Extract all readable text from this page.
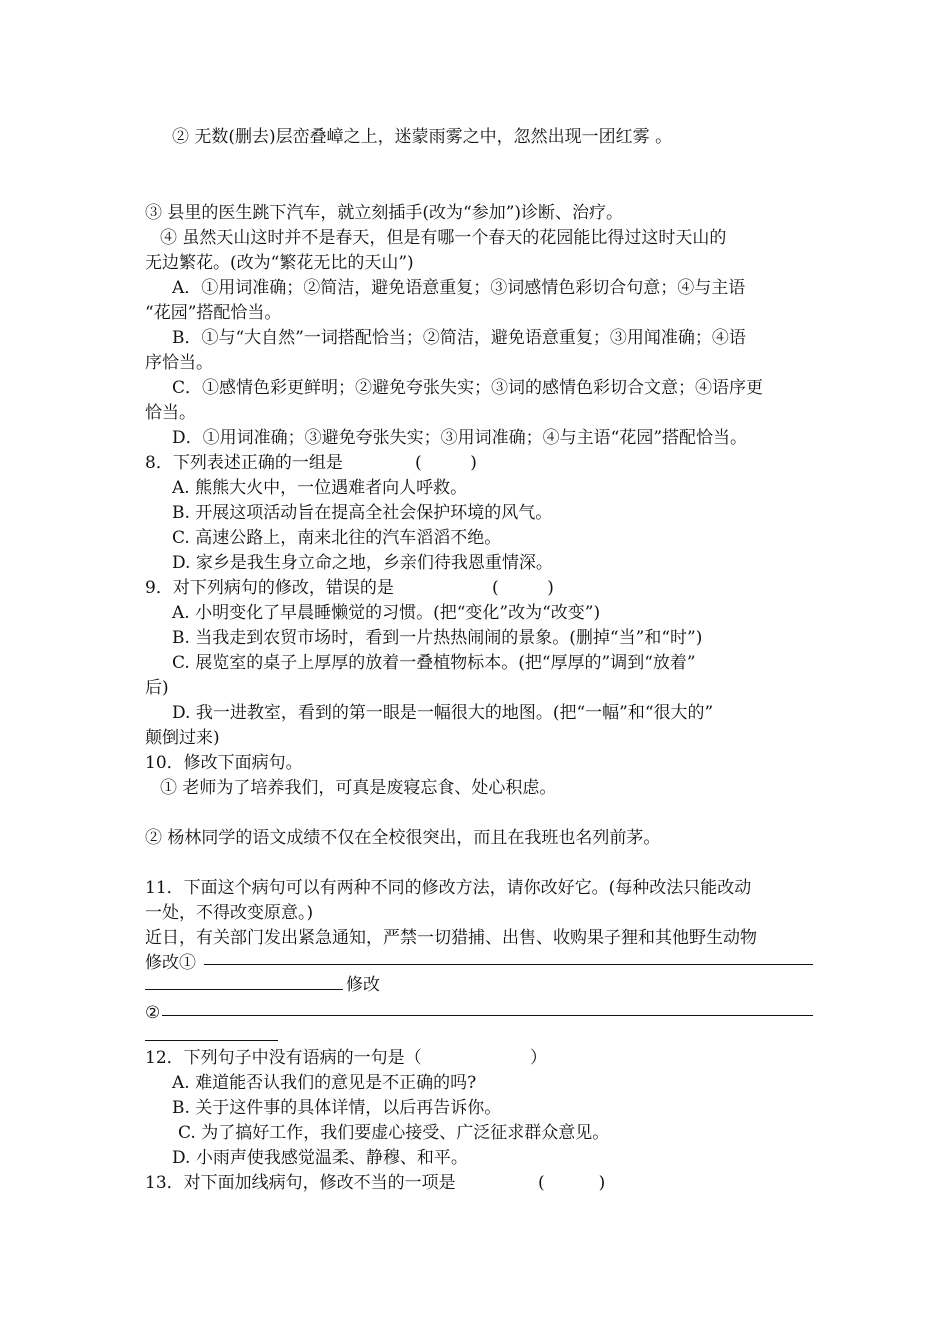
② 无数(删去)层峦叠嶂之上，迷蒙雨雾之中，忽然出现一团红雾 。
③ 县里的医生跳下汽车，就立刻插手(改为“参加”)诊断、治疗。
④ 虽然天山这时并不是春天，但是有哪一个春天的花园能比得过这时天山的
无边繁花。(改为“繁花无比的天山”)
A．①用词准确；②简洁，避免语意重复；③词感情色彩切合句意；④与主语
“花园”搭配恰当。
B．①与“大自然”一词搭配恰当；②简洁，避免语意重复；③用闻准确；④语
序恰当。
C．①感情色彩更鲜明；②避免夸张失实；③词的感情色彩切合文意；④语序更
恰当。
D．①用词准确；③避免夸张失实；③用词准确；④与主语“花园”搭配恰当。
8．下列表述正确的一组是	(         )
A. 熊熊大火中，一位遇难者向人呼救。
B. 开展这项活动旨在提高全社会保护环境的风气。
C. 高速公路上，南来北往的汽车滔滔不绝。
D. 家乡是我生身立命之地，乡亲们待我恩重情深。
9．对下列病句的修改，错误的是	(         )
A. 小明变化了早晨睡懒觉的习惯。(把“变化”改为“改变”)
B. 当我走到农贸市场时，看到一片热热闹闹的景象。(删掉“当”和“时”)
C. 展览室的桌子上厚厚的放着一叠植物标本。(把“厚厚的”调到“放着”
后)
D. 我一进教室，看到的第一眼是一幅很大的地图。(把“一幅”和“很大的”
颠倒过来)
10．修改下面病句。
① 老师为了培养我们，可真是废寝忘食、处心积虑。
② 杨林同学的语文成绩不仅在全校很突出，而且在我班也名列前茅。
11．下面这个病句可以有两种不同的修改方法，请你改好它。(每种改法只能改动
一处，不得改变原意。)
近日，有关部门发出紧急通知，严禁一切猎捕、出售、收购果子狸和其他野生动物
修改①
修改
②
12．下列句子中没有语病的一句是（	）
A. 难道能否认我们的意见是不正确的吗?
B. 关于这件事的具体详情，以后再告诉你。
C. 为了搞好工作，我们要虚心接受、广泛征求群众意见。
D. 小雨声使我感觉温柔、静穆、和平。
13．对下面加线病句，修改不当的一项是	(          )
